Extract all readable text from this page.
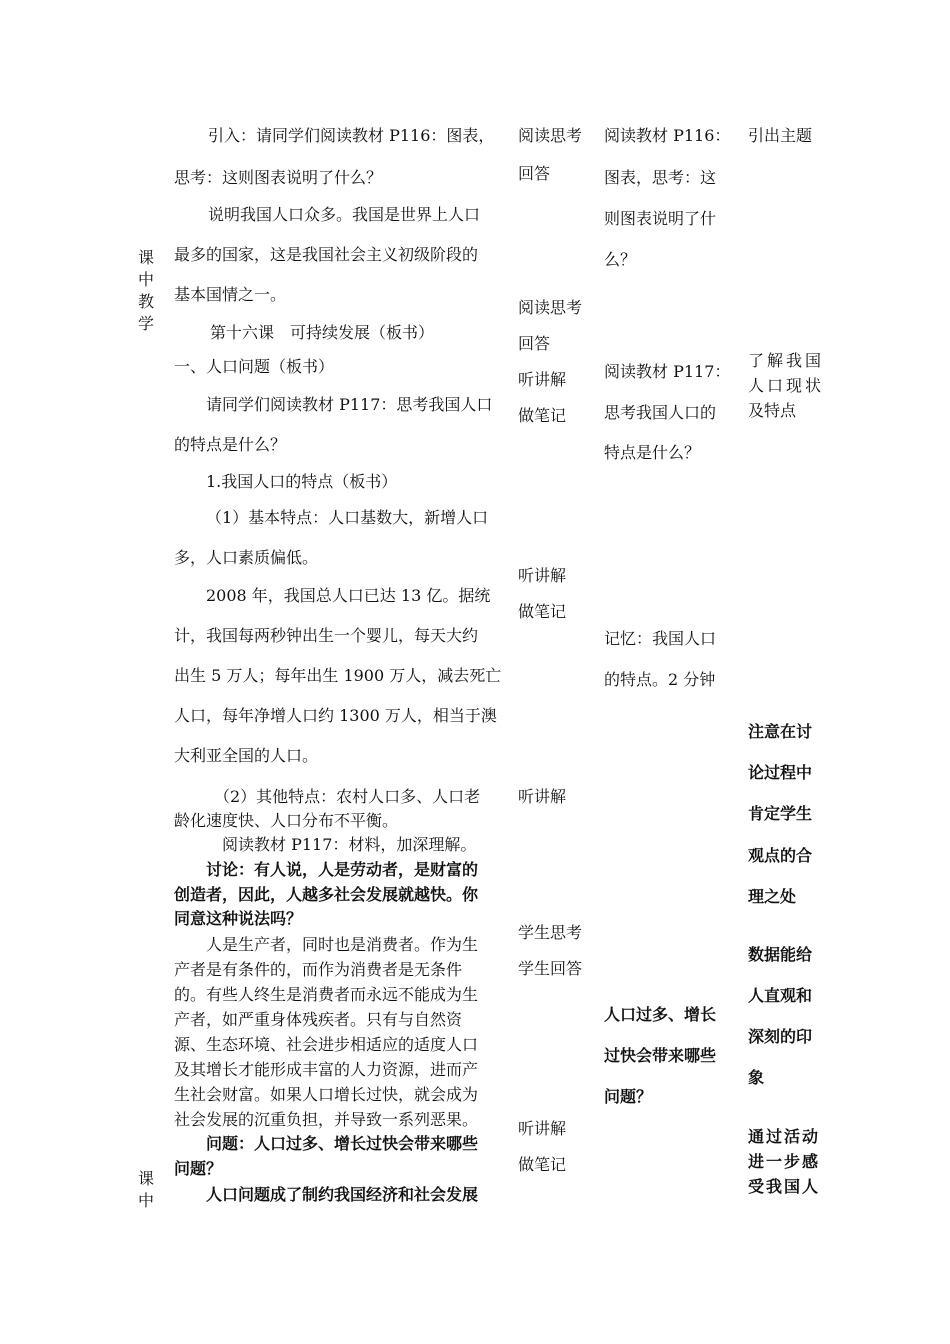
课
中
教
学
课
中
引入：请同学们阅读教材 P116：图表，
思考：这则图表说明了什么？
说明我国人口众多。我国是世界上人口
最多的国家，这是我国社会主义初级阶段的
基本国情之一。
第十六课　可持续发展（板书）
一、人口问题（板书）
请同学们阅读教材 P117：思考我国人口
的特点是什么？
1.我国人口的特点（板书）
（1）基本特点：人口基数大，新增人口
多，人口素质偏低。
2008 年，我国总人口已达 13 亿。据统
计，我国每两秒钟出生一个婴儿，每天大约
出生 5 万人；每年出生 1900 万人，减去死亡
人口，每年净增人口约 1300 万人，相当于澳
大利亚全国的人口。
（2）其他特点：农村人口多、人口老
龄化速度快、人口分布不平衡。
阅读教材 P117：材料，加深理解。
讨论：有人说，人是劳动者，是财富的
创造者，因此，人越多社会发展就越快。你
同意这种说法吗？
人是生产者，同时也是消费者。作为生
产者是有条件的，而作为消费者是无条件
的。有些人终生是消费者而永远不能成为生
产者，如严重身体残疾者。只有与自然资
源、生态环境、社会进步相适应的适度人口
及其增长才能形成丰富的人力资源，进而产
生社会财富。如果人口增长过快，就会成为
社会发展的沉重负担，并导致一系列恶果。
问题：人口过多、增长过快会带来哪些
问题？
人口问题成了制约我国经济和社会发展
阅读思考
回答
阅读思考
回答
听讲解
做笔记
听讲解
做笔记
听讲解
学生思考
学生回答
听讲解
做笔记
阅读教材 P116：
图表，思考：这
则图表说明了什
么？
阅读教材 P117：
思考我国人口的
特点是什么？
记忆：我国人口
的特点。2 分钟
人口过多、增长
过快会带来哪些
问题？
引出主题
了解我国
人口现状
及特点
注意在讨
论过程中
肯定学生
观点的合
理之处
数据能给
人直观和
深刻的印
象
通过活动
进一步感
受我国人
